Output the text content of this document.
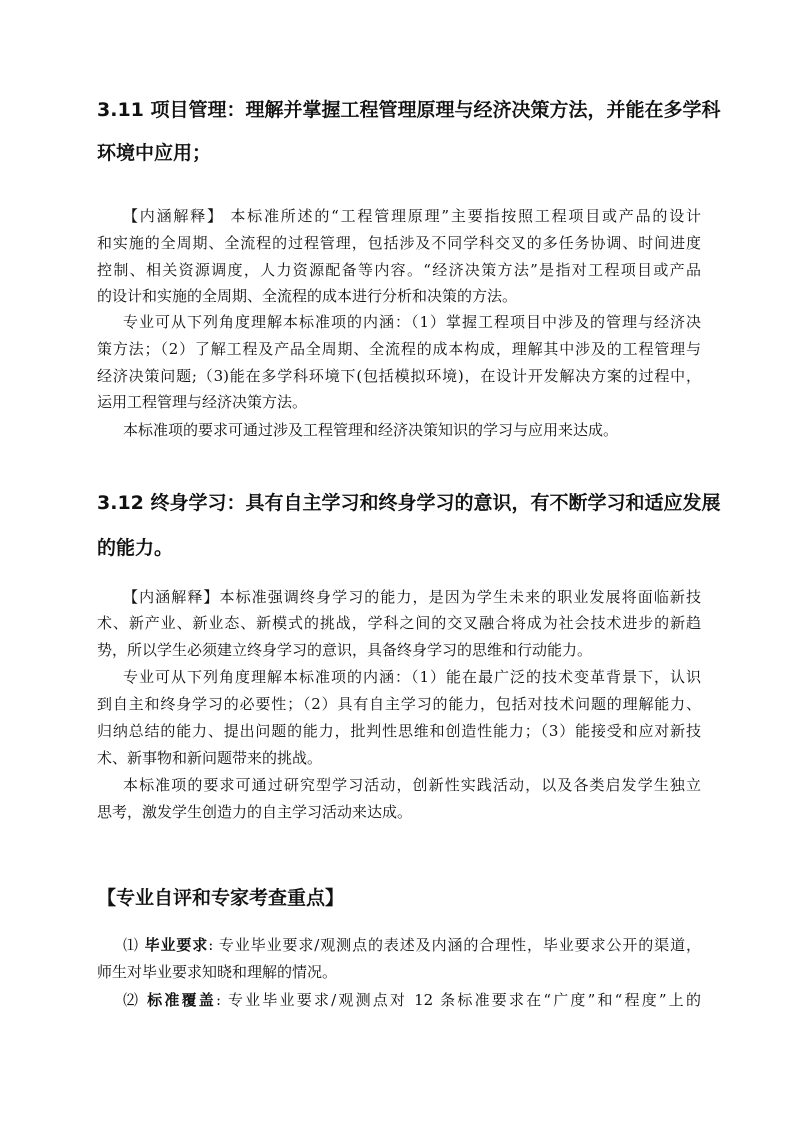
3.11 项目管理：理解并掌握工程管理原理与经济决策方法，并能在多学科
环境中应用；
【内涵解释】 本标准所述的“工程管理原理”主要指按照工程项目或产品的设计
和实施的全周期、全流程的过程管理，包括涉及不同学科交叉的多任务协调、时间进度
控制、相关资源调度，人力资源配备等内容。“经济决策方法”是指对工程项目或产品
的设计和实施的全周期、全流程的成本进行分析和决策的方法。
专业可从下列角度理解本标准项的内涵：（1）掌握工程项目中涉及的管理与经济决
策方法；（2）了解工程及产品全周期、全流程的成本构成，理解其中涉及的工程管理与
经济决策问题;（3)能在多学科环境下(包括模拟环境)，在设计开发解决方案的过程中，
运用工程管理与经济决策方法。
本标准项的要求可通过涉及工程管理和经济决策知识的学习与应用来达成。
3.12 终身学习：具有自主学习和终身学习的意识，有不断学习和适应发展
的能力。
【内涵解释】本标准强调终身学习的能力，是因为学生未来的职业发展将面临新技
术、新产业、新业态、新模式的挑战，学科之间的交叉融合将成为社会技术进步的新趋
势，所以学生必须建立终身学习的意识，具备终身学习的思维和行动能力。
专业可从下列角度理解本标准项的内涵：（1）能在最广泛的技术变革背景下，认识
到自主和终身学习的必要性；（2）具有自主学习的能力，包括对技术问题的理解能力、
归纳总结的能力、提出问题的能力，批判性思维和创造性能力；（3）能接受和应对新技
术、新事物和新问题带来的挑战。
本标准项的要求可通过研究型学习活动，创新性实践活动，以及各类启发学生独立
思考，激发学生创造力的自主学习活动来达成。
【专业自评和专家考查重点】
⑴ 毕业要求: 专业毕业要求/观测点的表述及内涵的合理性，毕业要求公开的渠道，
师生对毕业要求知晓和理解的情况。
⑵ 标准覆盖: 专业毕业要求/观测点对 12 条标准要求在“广度”和“程度”上的
